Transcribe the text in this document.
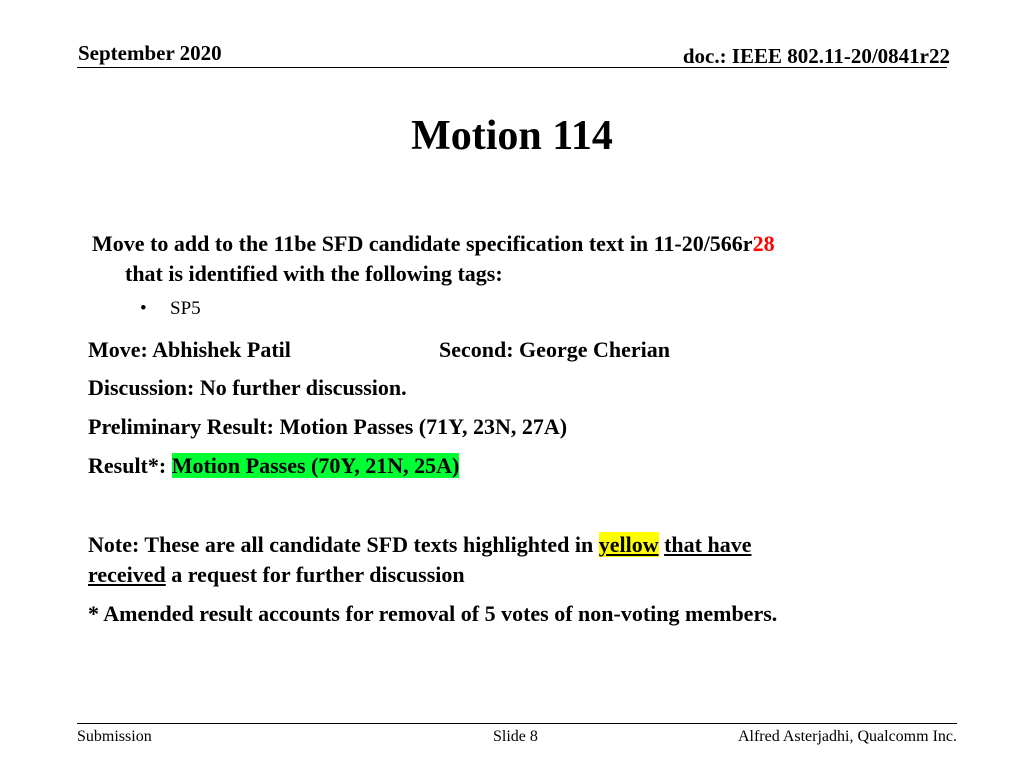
September 2020	doc.: IEEE 802.11-20/0841r22
Motion 114
Move to add to the 11be SFD candidate specification text in 11-20/566r28
that is identified with the following tags:
• SP5
Move: Abhishek Patil	Second: George Cherian
Discussion: No further discussion.
Preliminary Result: Motion Passes (71Y, 23N, 27A)
Result*: Motion Passes (70Y, 21N, 25A)
Note: These are all candidate SFD texts highlighted in yellow that have
received a request for further discussion
* Amended result accounts for removal of 5 votes of non-voting members.
Submission	Slide 8	Alfred Asterjadhi, Qualcomm Inc.
